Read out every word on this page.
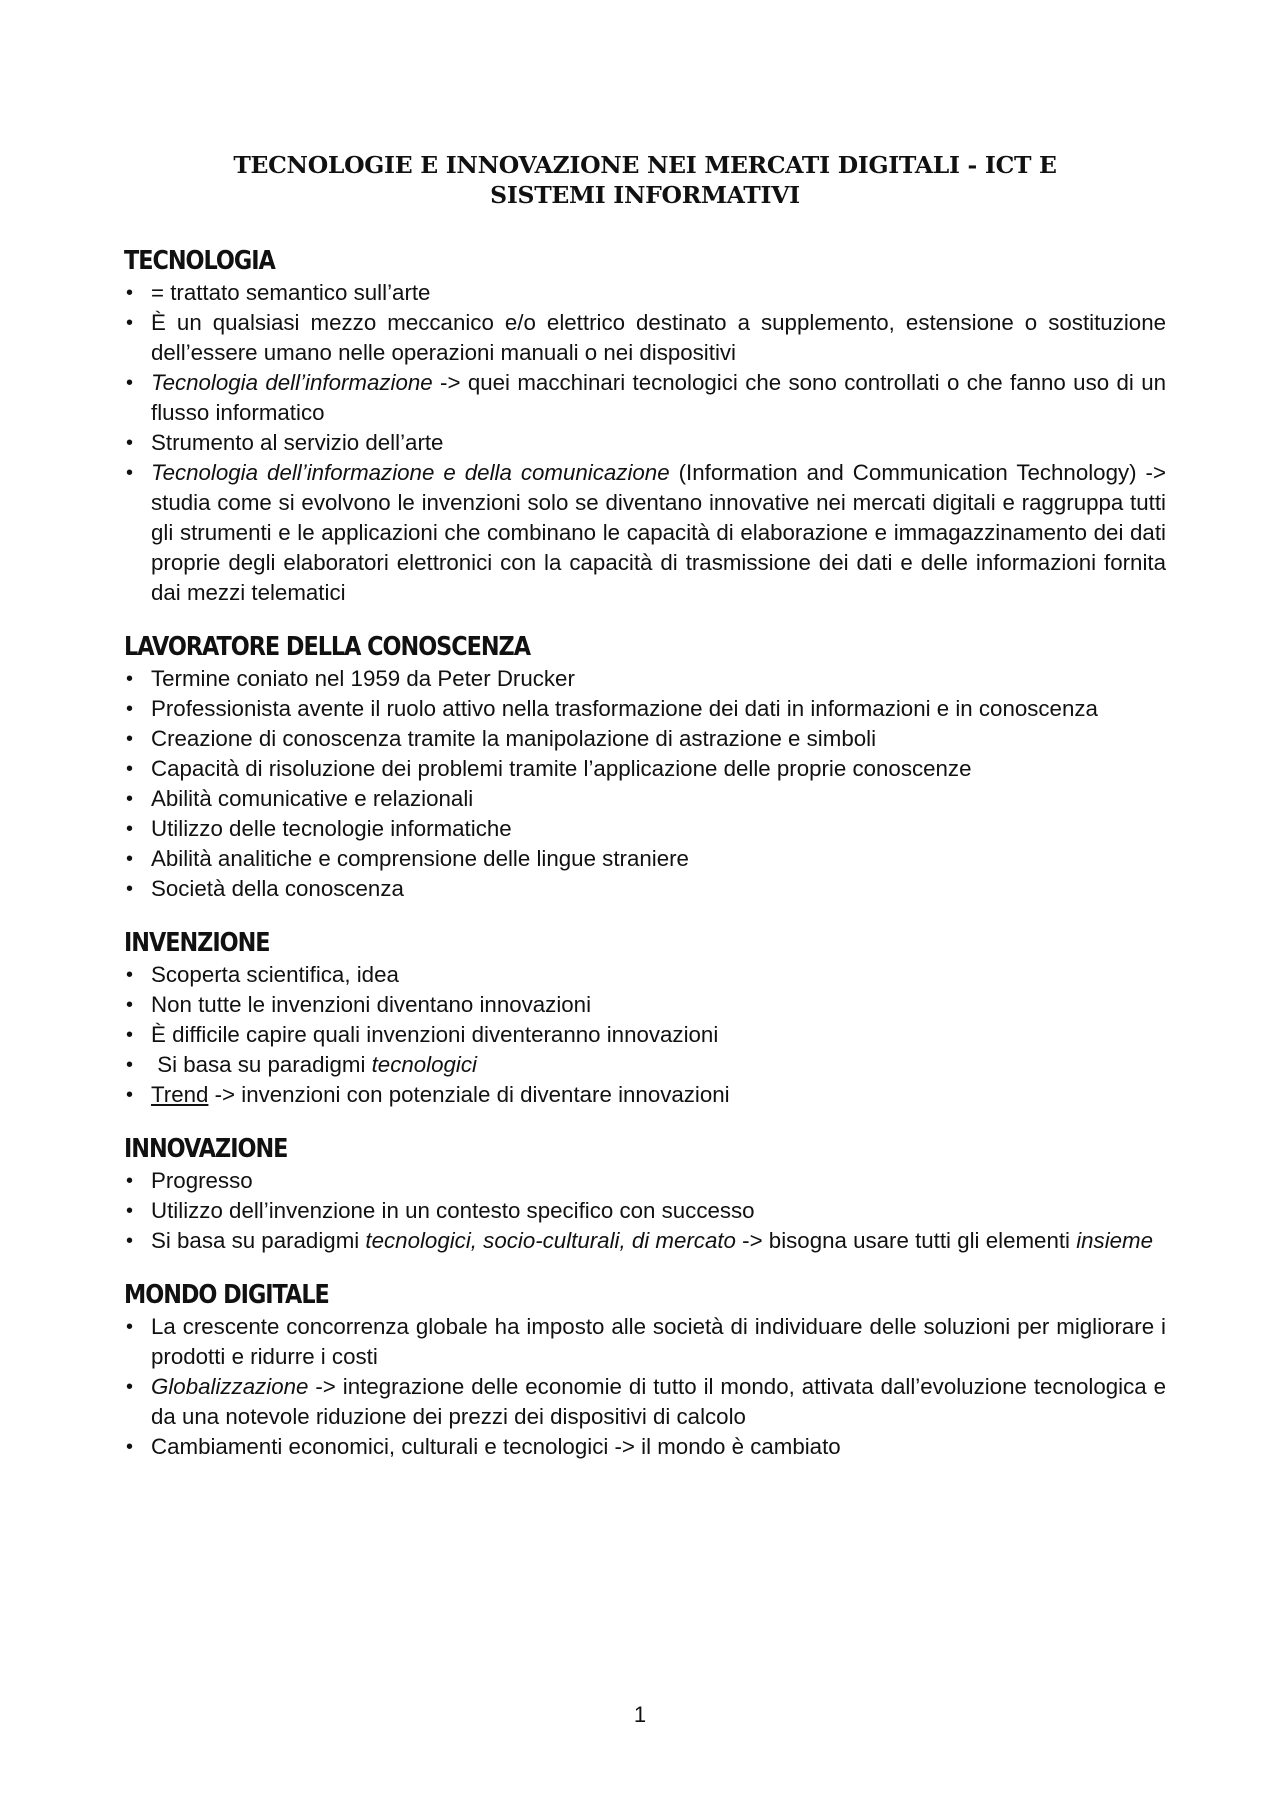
TECNOLOGIE E INNOVAZIONE NEI MERCATI DIGITALI - ICT E
SISTEMI INFORMATIVI
TECNOLOGIA
• = trattato semantico sull’arte
• È un qualsiasi mezzo meccanico e/o elettrico destinato a supplemento, estensione o sostituzione dell’essere umano nelle operazioni manuali o nei dispositivi
• Tecnologia dell’informazione -> quei macchinari tecnologici che sono controllati o che fanno uso di un flusso informatico
• Strumento al servizio dell’arte
• Tecnologia dell’informazione e della comunicazione (Information and Communication Technology) -> studia come si evolvono le invenzioni solo se diventano innovative nei mercati digitali e raggruppa tutti gli strumenti e le applicazioni che combinano le capacità di elaborazione e immagazzinamento dei dati proprie degli elaboratori elettronici con la capacità di trasmissione dei dati e delle informazioni fornita dai mezzi telematici
LAVORATORE DELLA CONOSCENZA
• Termine coniato nel 1959 da Peter Drucker
• Professionista avente il ruolo attivo nella trasformazione dei dati in informazioni e in conoscenza
• Creazione di conoscenza tramite la manipolazione di astrazione e simboli
• Capacità di risoluzione dei problemi tramite l’applicazione delle proprie conoscenze
• Abilità comunicative e relazionali
• Utilizzo delle tecnologie informatiche
• Abilità analitiche e comprensione delle lingue straniere
• Società della conoscenza
INVENZIONE
• Scoperta scientifica, idea
• Non tutte le invenzioni diventano innovazioni
• È difficile capire quali invenzioni diventeranno innovazioni
•  Si basa su paradigmi tecnologici
• Trend -> invenzioni con potenziale di diventare innovazioni
INNOVAZIONE
• Progresso
• Utilizzo dell’invenzione in un contesto specifico con successo
• Si basa su paradigmi tecnologici, socio-culturali, di mercato -> bisogna usare tutti gli elementi insieme
MONDO DIGITALE
• La crescente concorrenza globale ha imposto alle società di individuare delle soluzioni per migliorare i prodotti e ridurre i costi
• Globalizzazione -> integrazione delle economie di tutto il mondo, attivata dall’evoluzione tecnologica e da una notevole riduzione dei prezzi dei dispositivi di calcolo
• Cambiamenti economici, culturali e tecnologici -> il mondo è cambiato
1
